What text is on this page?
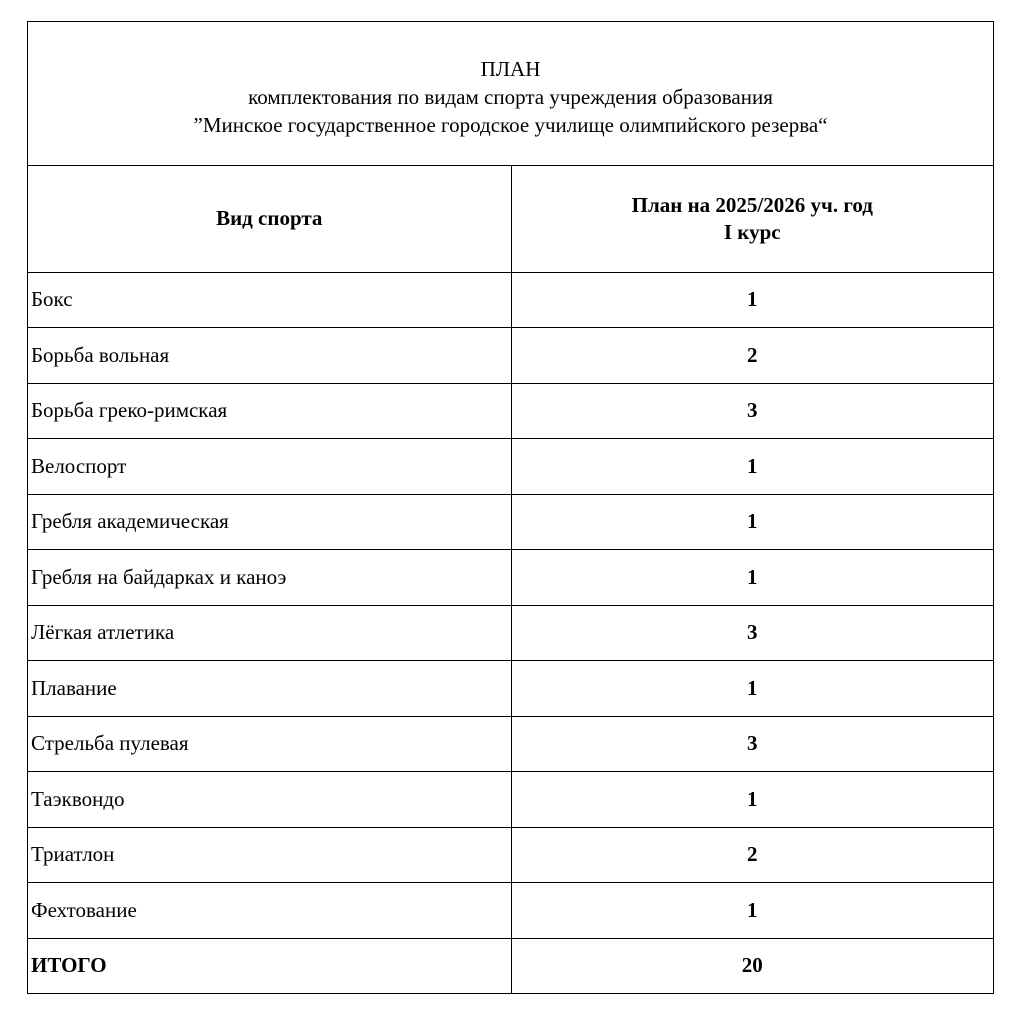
ПЛАН
комплектования по видам спорта учреждения образования
”Минское государственное городское училище олимпийского резерва“
Вид спорта	План на 2025/2026 уч. год
I курс

Бокс	1
Борьба вольная	2
Борьба греко-римская	3
Велоспорт	1
Гребля академическая	1
Гребля на байдарках и каноэ	1
Лёгкая атлетика	3
Плавание	1
Стрельба пулевая	3
Таэквондо	1
Триатлон	2
Фехтование	1
ИТОГО	20
